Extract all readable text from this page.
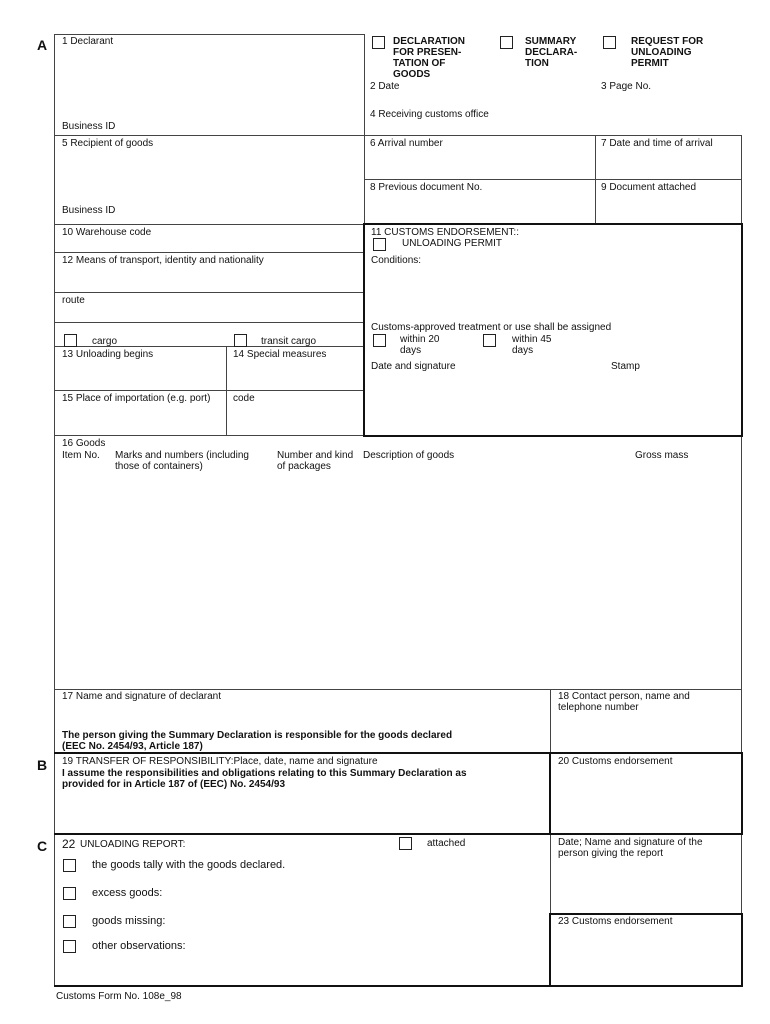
A
B
C
1 Declarant
Business ID
DECLARATION
FOR PRESEN-
TATION OF
GOODS
SUMMARY
DECLARA-
TION
REQUEST FOR
UNLOADING
PERMIT
2 Date	3 Page No.
4 Receiving customs office
5 Recipient of goods
Business ID
6 Arrival number	7 Date and time of arrival
8 Previous document No.	9 Document attached
10 Warehouse code
12 Means of transport, identity and nationality
route
cargo	transit cargo
13 Unloading begins	14 Special measures
15 Place of importation (e.g. port) code
11 CUSTOMS ENDORSEMENT::
UNLOADING PERMIT
Conditions:
Customs-approved treatment or use shall be assigned
within 20
days
within 45
days
Date and signature	Stamp
16 Goods
Item No. Marks and numbers (including
those of containers)
Number and kind
of packages
Description of goods	Gross mass
17 Name and signature of declarant
The person giving the Summary Declaration is responsible for the goods declared
(EEC No. 2454/93, Article 187)
18 Contact person, name and
telephone number
19 TRANSFER OF RESPONSIBILITY:Place, date, name and signature
I assume the responsibilities and obligations relating to this Summary Declaration as
provided for in Article 187 of (EEC) No. 2454/93
20 Customs endorsement
22 UNLOADING REPORT:	attached
the goods tally with the goods declared.
excess goods:
goods missing:
other observations:
Date; Name and signature of the
person giving the report
23 Customs endorsement
Customs Form No. 108e_98
